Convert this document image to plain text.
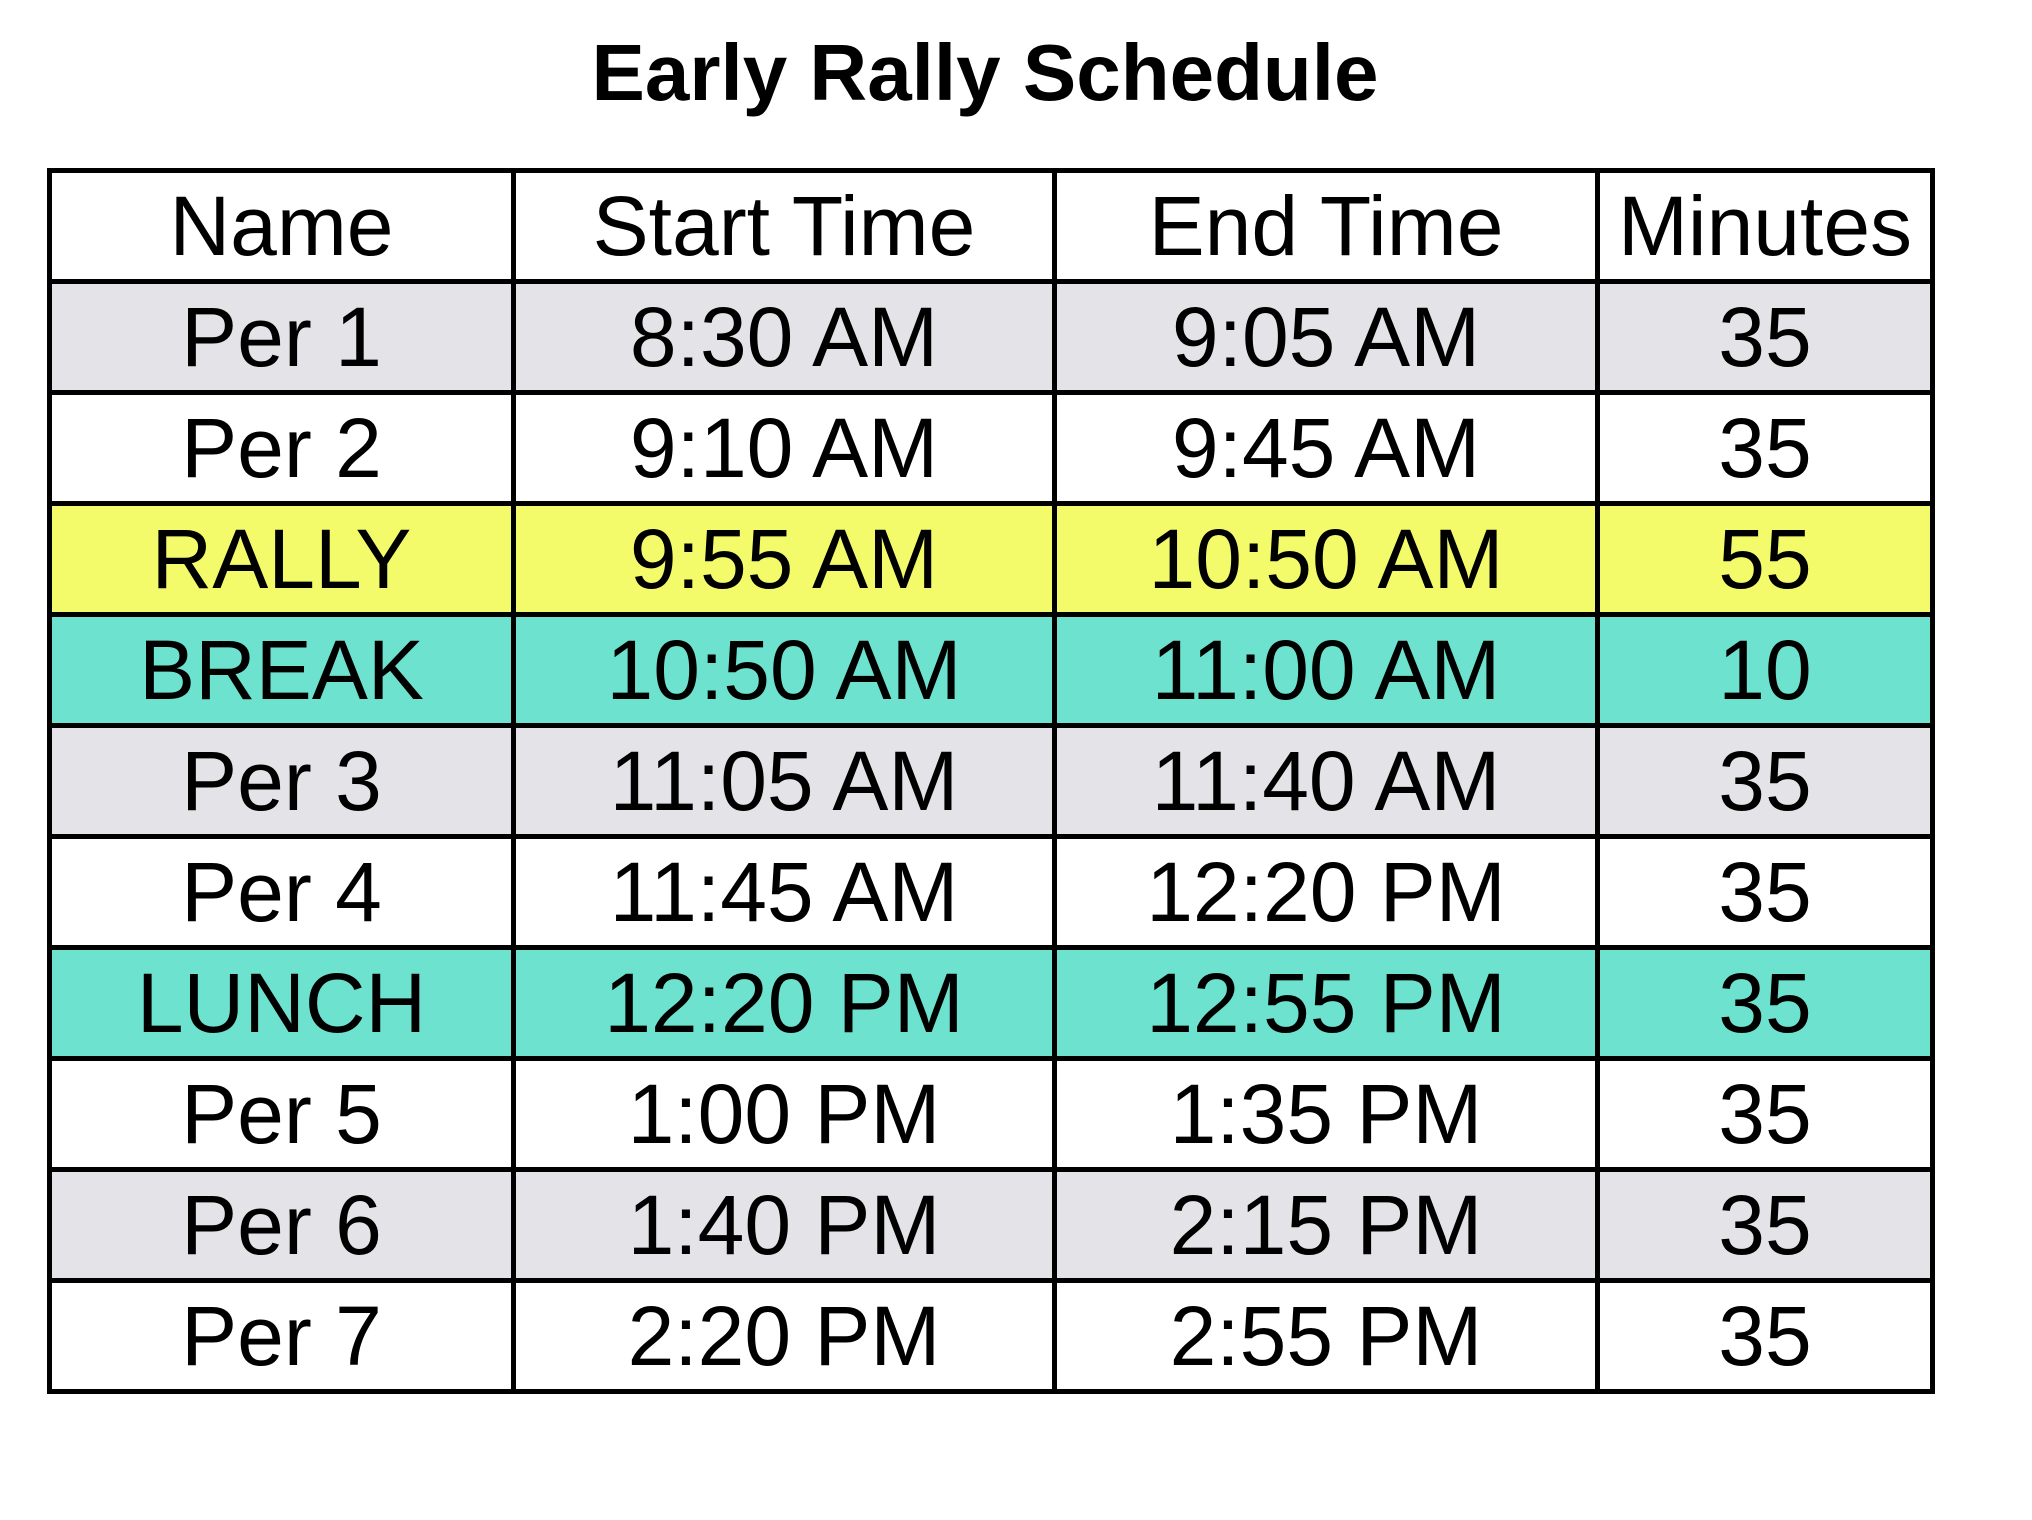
Early Rally Schedule
Name	Start Time	End Time	Minutes
Per 1	8:30 AM	9:05 AM	35
Per 2	9:10 AM	9:45 AM	35
RALLY	9:55 AM	10:50 AM	55
BREAK	10:50 AM	11:00 AM	10
Per 3	11:05 AM	11:40 AM	35
Per 4	11:45 AM	12:20 PM	35
LUNCH	12:20 PM	12:55 PM	35
Per 5	1:00 PM	1:35 PM	35
Per 6	1:40 PM	2:15 PM	35
Per 7	2:20 PM	2:55 PM	35
